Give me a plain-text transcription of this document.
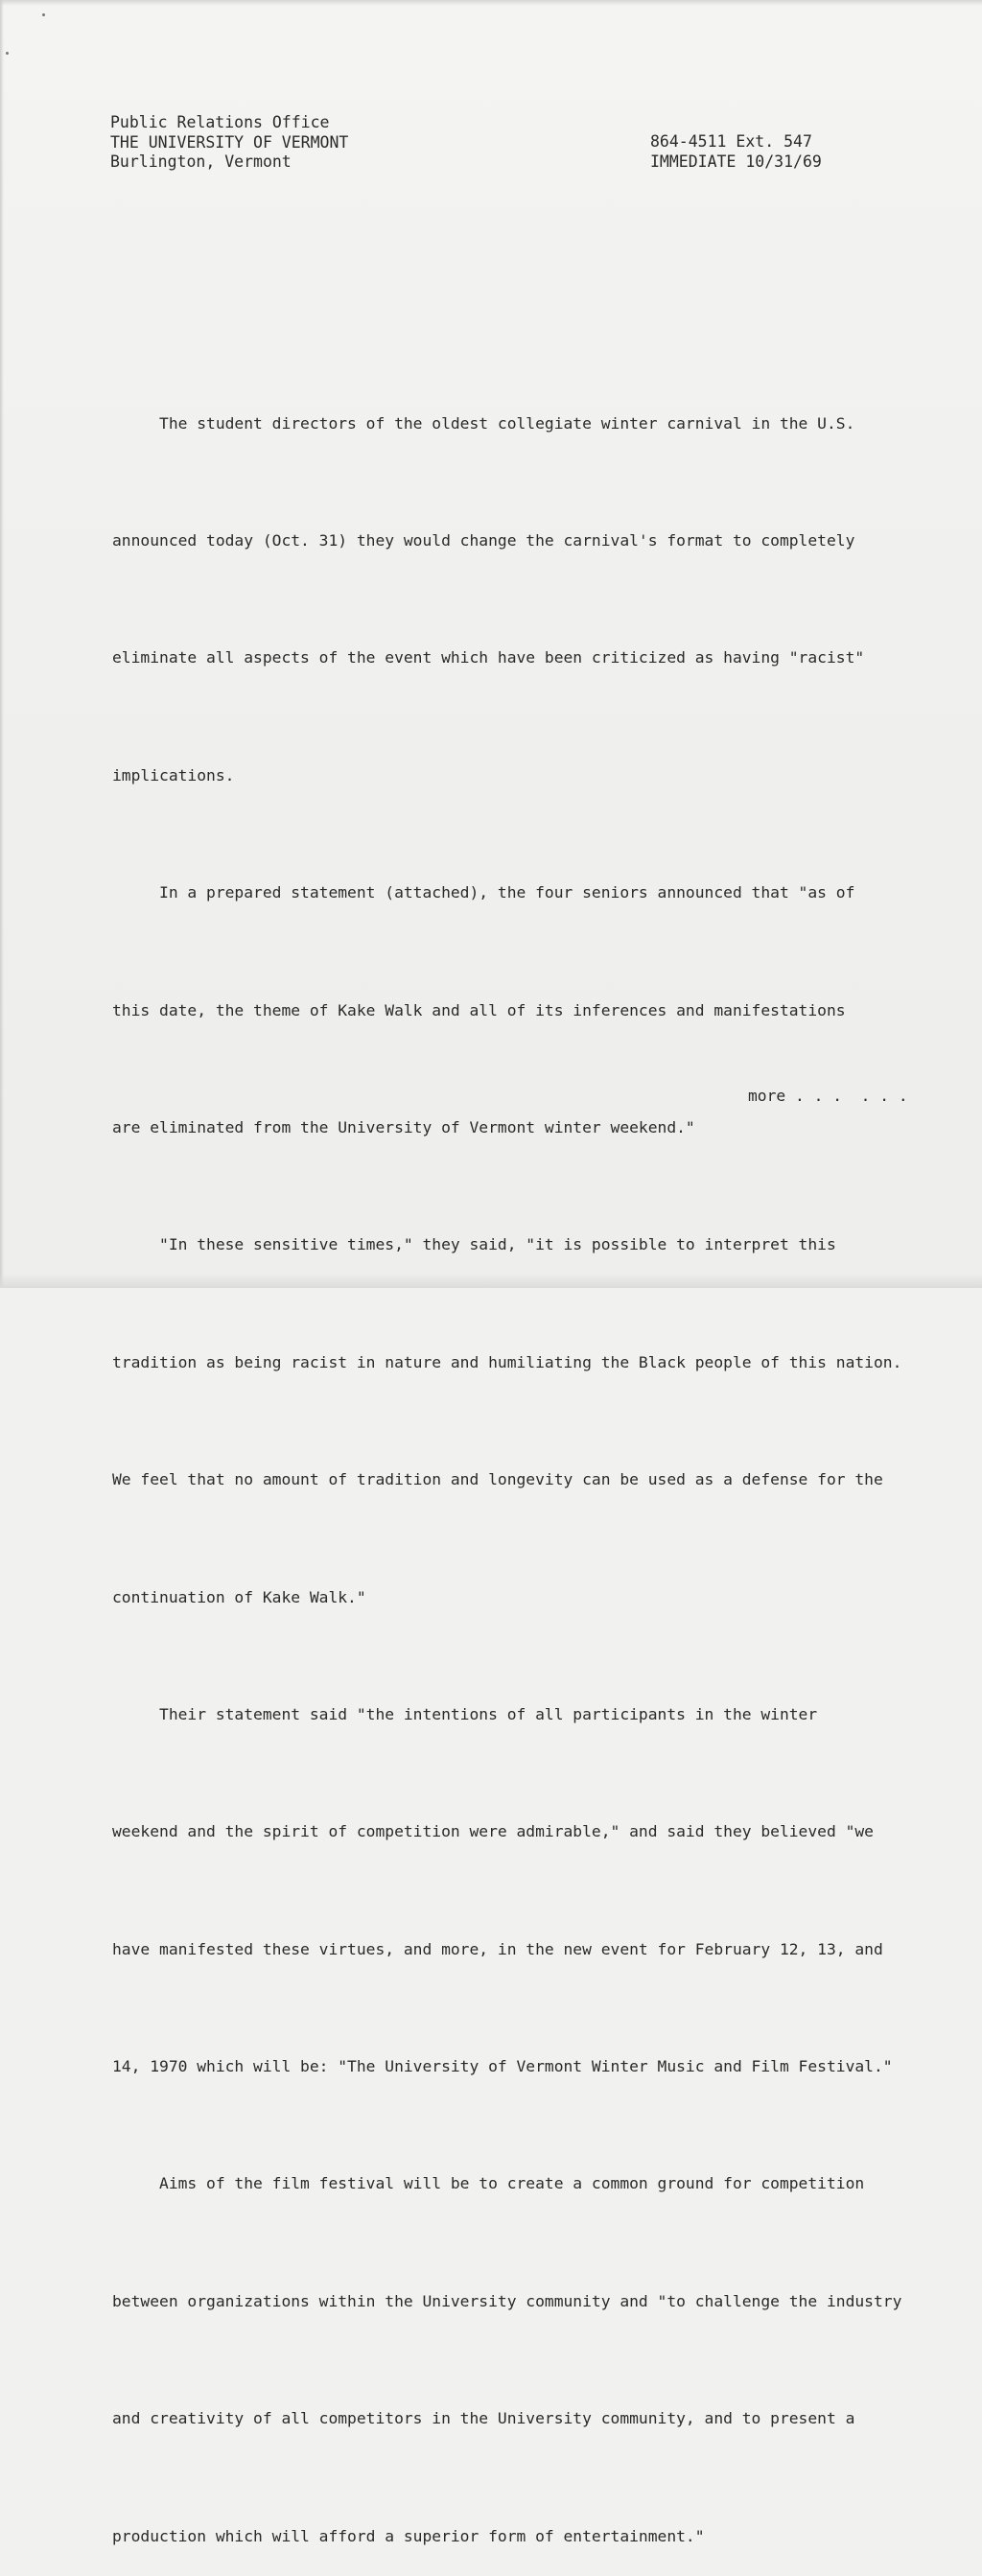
Public Relations Office
THE UNIVERSITY OF VERMONT
Burlington, Vermont
864-4511 Ext. 547
IMMEDIATE 10/31/69

The student directors of the oldest collegiate winter carnival in the U.S.

announced today (Oct. 31) they would change the carnival's format to completely

eliminate all aspects of the event which have been criticized as having "racist"

implications.

In a prepared statement (attached), the four seniors announced that "as of

this date, the theme of Kake Walk and all of its inferences and manifestations

are eliminated from the University of Vermont winter weekend."

"In these sensitive times," they said, "it is possible to interpret this

tradition as being racist in nature and humiliating the Black people of this nation.

We feel that no amount of tradition and longevity can be used as a defense for the

continuation of Kake Walk."

Their statement said "the intentions of all participants in the winter

weekend and the spirit of competition were admirable," and said they believed "we

have manifested these virtues, and more, in the new event for February 12, 13, and

14, 1970 which will be: "The University of Vermont Winter Music and Film Festival."

Aims of the film festival will be to create a common ground for competition

between organizations within the University community and "to challenge the industry

and creativity of all competitors in the University community, and to present a

production which will afford a superior form of entertainment."

more . . .  . . .
